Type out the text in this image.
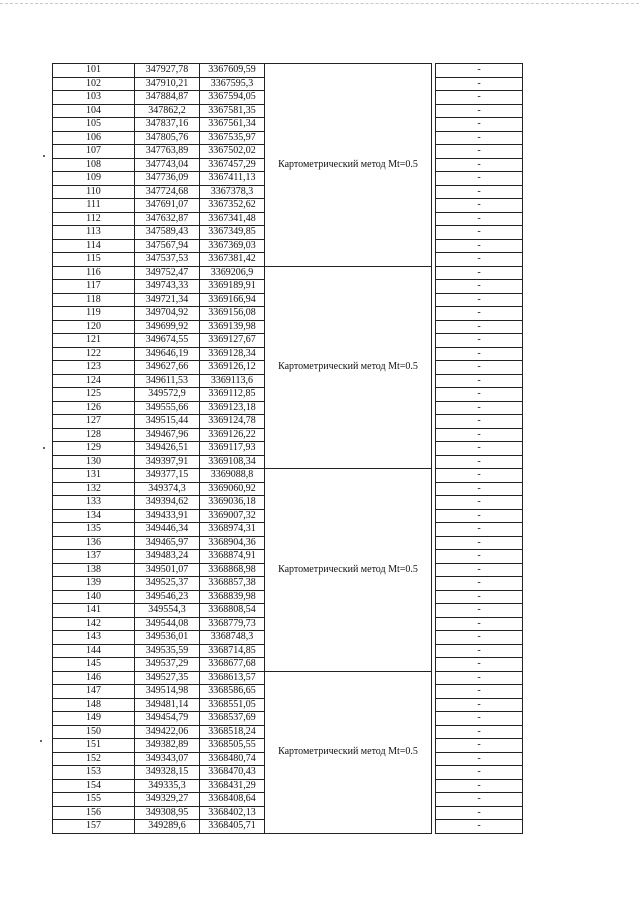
101	347927,78	3367609,59	Картометрический метод Mt=0.5		-
102	347910,21	3367595,3			-
103	347884,87	3367594,05			-
104	347862,2	3367581,35			-
105	347837,16	3367561,34			-
106	347805,76	3367535,97			-
107	347763,89	3367502,02			-
108	347743,04	3367457,29			-
109	347736,09	3367411,13			-
110	347724,68	3367378,3			-
111	347691,07	3367352,62			-
112	347632,87	3367341,48			-
113	347589,43	3367349,85			-
114	347567,94	3367369,03			-
115	347537,53	3367381,42			-
116	349752,47	3369206,9	Картометрический метод Mt=0.5		-
117	349743,33	3369189,91			-
118	349721,34	3369166,94			-
119	349704,92	3369156,08			-
120	349699,92	3369139,98			-
121	349674,55	3369127,67			-
122	349646,19	3369128,34			-
123	349627,66	3369126,12			-
124	349611,53	3369113,6			-
125	349572,9	3369112,85			-
126	349555,66	3369123,18			-
127	349515,44	3369124,78			-
128	349467,96	3369126,22			-
129	349426,51	3369117,93			-
130	349397,91	3369108,34			-
131	349377,15	3369088,8	Картометрический метод Mt=0.5		-
132	349374,3	3369060,92			-
133	349394,62	3369036,18			-
134	349433,91	3369007,32			-
135	349446,34	3368974,31			-
136	349465,97	3368904,36			-
137	349483,24	3368874,91			-
138	349501,07	3368868,98			-
139	349525,37	3368857,38			-
140	349546,23	3368839,98			-
141	349554,3	3368808,54			-
142	349544,08	3368779,73			-
143	349536,01	3368748,3			-
144	349535,59	3368714,85			-
145	349537,29	3368677,68			-
146	349527,35	3368613,57	Картометрический метод Mt=0.5		-
147	349514,98	3368586,65			-
148	349481,14	3368551,05			-
149	349454,79	3368537,69			-
150	349422,06	3368518,24			-
151	349382,89	3368505,55			-
152	349343,07	3368480,74			-
153	349328,15	3368470,43			-
154	349335,3	3368431,29			-
155	349329,27	3368408,64			-
156	349308,95	3368402,13			-
157	349289,6	3368405,71			-
